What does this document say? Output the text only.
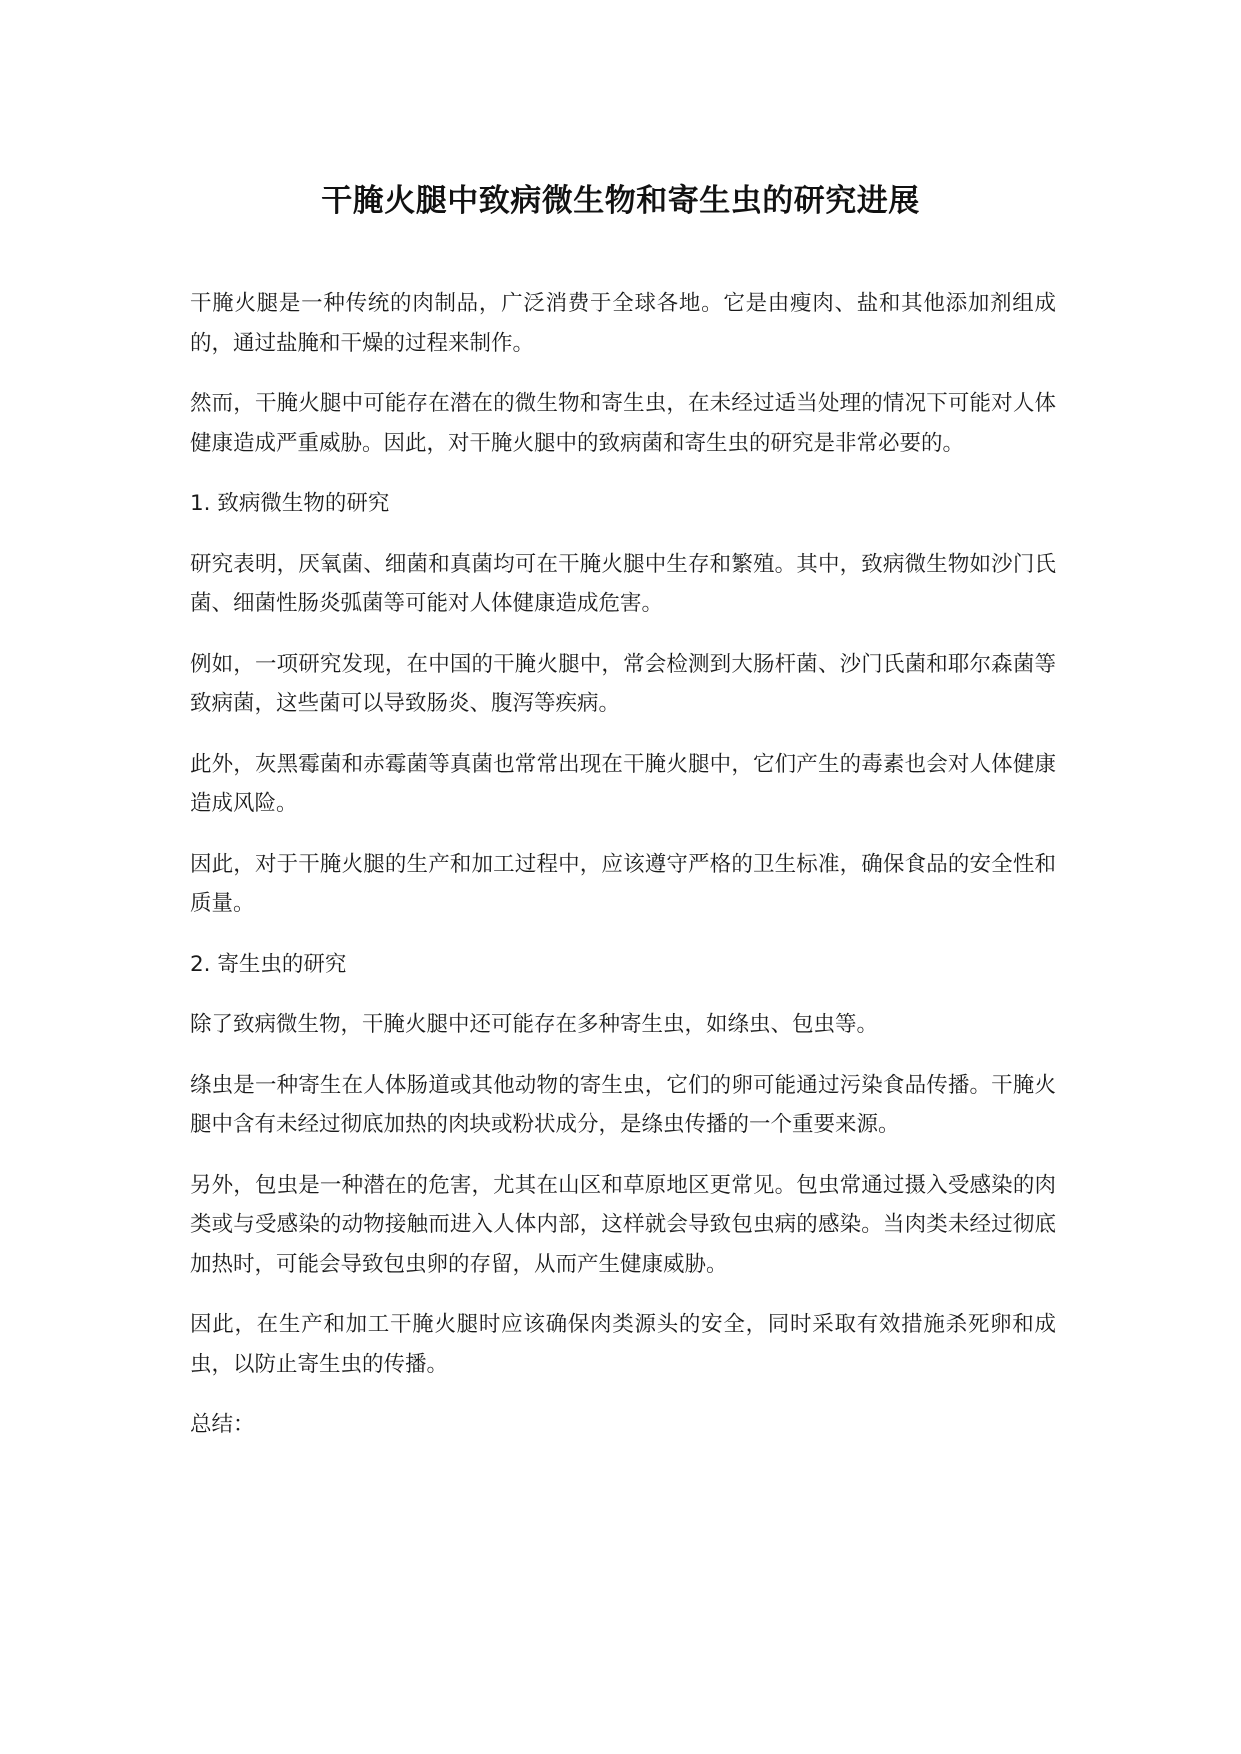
干腌火腿中致病微生物和寄生虫的研究进展

干腌火腿是一种传统的肉制品，广泛消费于全球各地。它是由瘦肉、盐和其他添加剂组成的，通过盐腌和干燥的过程来制作。

然而，干腌火腿中可能存在潜在的微生物和寄生虫，在未经过适当处理的情况下可能对人体健康造成严重威胁。因此，对干腌火腿中的致病菌和寄生虫的研究是非常必要的。

1. 致病微生物的研究

研究表明，厌氧菌、细菌和真菌均可在干腌火腿中生存和繁殖。其中，致病微生物如沙门氏菌、细菌性肠炎弧菌等可能对人体健康造成危害。

例如，一项研究发现，在中国的干腌火腿中，常会检测到大肠杆菌、沙门氏菌和耶尔森菌等致病菌，这些菌可以导致肠炎、腹泻等疾病。

此外，灰黑霉菌和赤霉菌等真菌也常常出现在干腌火腿中，它们产生的毒素也会对人体健康造成风险。

因此，对于干腌火腿的生产和加工过程中，应该遵守严格的卫生标准，确保食品的安全性和质量。

2. 寄生虫的研究

除了致病微生物，干腌火腿中还可能存在多种寄生虫，如绦虫、包虫等。

绦虫是一种寄生在人体肠道或其他动物的寄生虫，它们的卵可能通过污染食品传播。干腌火腿中含有未经过彻底加热的肉块或粉状成分，是绦虫传播的一个重要来源。

另外，包虫是一种潜在的危害，尤其在山区和草原地区更常见。包虫常通过摄入受感染的肉类或与受感染的动物接触而进入人体内部，这样就会导致包虫病的感染。当肉类未经过彻底加热时，可能会导致包虫卵的存留，从而产生健康威胁。

因此，在生产和加工干腌火腿时应该确保肉类源头的安全，同时采取有效措施杀死卵和成虫，以防止寄生虫的传播。

总结：
